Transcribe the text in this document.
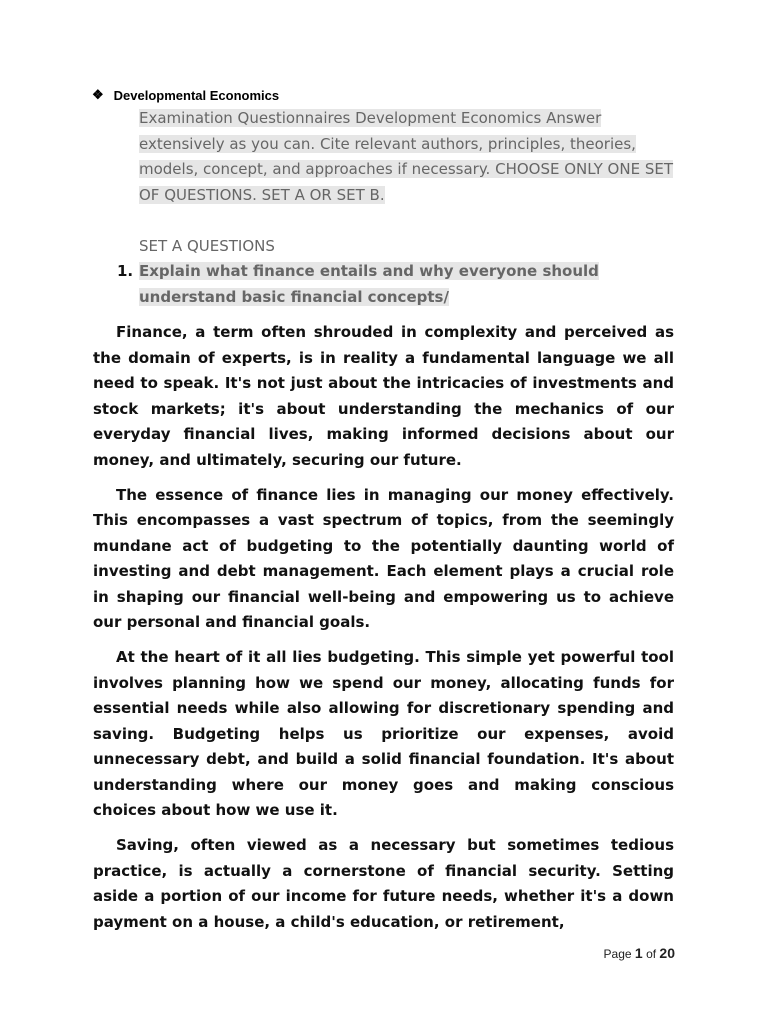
❖ Developmental Economics
Examination Questionnaires Development Economics Answer extensively as you can. Cite relevant authors, principles, theories, models, concept, and approaches if necessary. CHOOSE ONLY ONE SET OF QUESTIONS. SET A OR SET B.
SET A QUESTIONS
1. Explain what finance entails and why everyone should understand basic financial concepts/

Finance, a term often shrouded in complexity and perceived as the domain of experts, is in reality a fundamental language we all need to speak. It's not just about the intricacies of investments and stock markets; it's about understanding the mechanics of our everyday financial lives, making informed decisions about our money, and ultimately, securing our future.

The essence of finance lies in managing our money effectively. This encompasses a vast spectrum of topics, from the seemingly mundane act of budgeting to the potentially daunting world of investing and debt management. Each element plays a crucial role in shaping our financial well-being and empowering us to achieve our personal and financial goals.

At the heart of it all lies budgeting. This simple yet powerful tool involves planning how we spend our money, allocating funds for essential needs while also allowing for discretionary spending and saving. Budgeting helps us prioritize our expenses, avoid unnecessary debt, and build a solid financial foundation. It's about understanding where our money goes and making conscious choices about how we use it.

Saving, often viewed as a necessary but sometimes tedious practice, is actually a cornerstone of financial security. Setting aside a portion of our income for future needs, whether it's a down payment on a house, a child's education, or retirement,

Page 1 of 20
